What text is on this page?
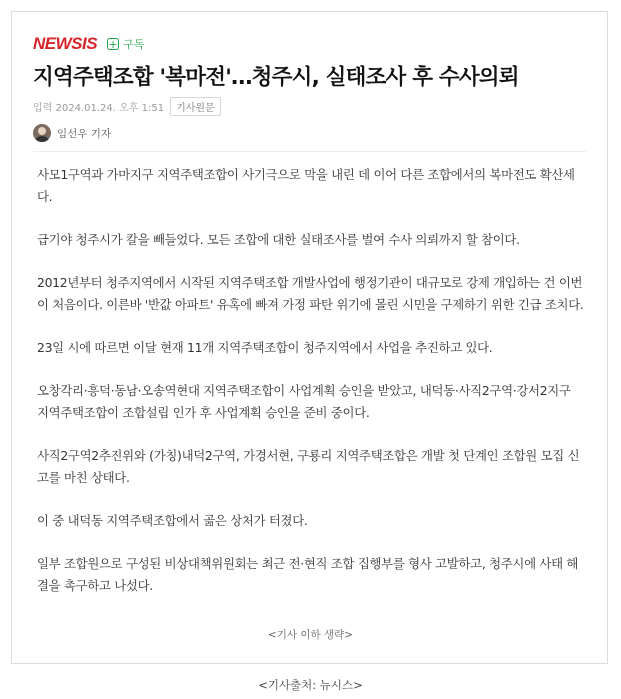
NEWSIS + 구독
지역주택조합 '복마전'…청주시, 실태조사 후 수사의뢰
입력 2024.01.24. 오후 1:51	기사원문
임선우 기자

사모1구역과 가마지구 지역주택조합이 사기극으로 막을 내린 데 이어 다른 조합에서의 복마전도 확산세다.

급기야 청주시가 칼을 빼들었다. 모든 조합에 대한 실태조사를 벌여 수사 의뢰까지 할 참이다.

2012년부터 청주지역에서 시작된 지역주택조합 개발사업에 행정기관이 대규모로 강제 개입하는 건 이번이 처음이다. 이른바 '반값 아파트' 유혹에 빠져 가정 파탄 위기에 몰린 시민을 구제하기 위한 긴급 조치다.

23일 시에 따르면 이달 현재 11개 지역주택조합이 청주지역에서 사업을 추진하고 있다.

오창각리·흥덕·동남·오송역현대 지역주택조합이 사업계획 승인을 받았고, 내덕동·사직2구역·강서2지구 지역주택조합이 조합설립 인가 후 사업계획 승인을 준비 중이다.

사직2구역2추진위와 (가칭)내덕2구역, 가경서현, 구룡리 지역주택조합은 개발 첫 단계인 조합원 모집 신고를 마친 상태다.

이 중 내덕동 지역주택조합에서 곪은 상처가 터졌다.

일부 조합원으로 구성된 비상대책위원회는 최근 전·현직 조합 집행부를 형사 고발하고, 청주시에 사태 해결을 촉구하고 나섰다.

<기사 이하 생략>
<기사출처: 뉴시스>
